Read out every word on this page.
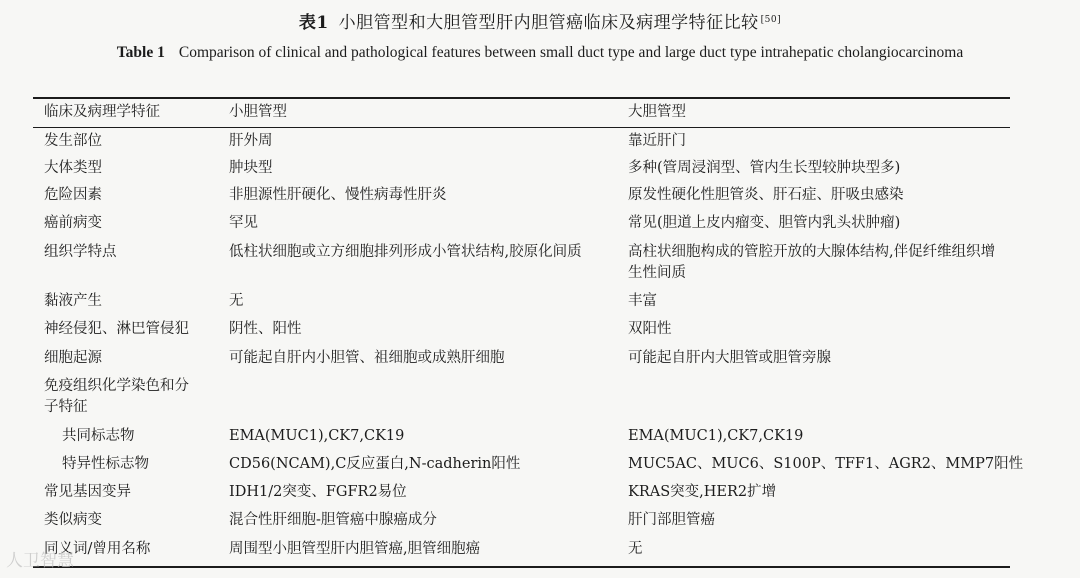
表1 小胆管型和大胆管型肝内胆管癌临床及病理学特征比较 [50]
Table 1 Comparison of clinical and pathological features between small duct type and large duct type intrahepatic cholangiocarcinoma
临床及病理学特征	小胆管型	大胆管型
发生部位	肝外周	靠近肝门
大体类型	肿块型	多种(管周浸润型、管内生长型较肿块型多)
危险因素	非胆源性肝硬化、慢性病毒性肝炎	原发性硬化性胆管炎、肝石症、肝吸虫感染
癌前病变	罕见	常见(胆道上皮内瘤变、胆管内乳头状肿瘤)
组织学特点	低柱状细胞或立方细胞排列形成小管状结构,胶原化间质	高柱状细胞构成的管腔开放的大腺体结构,伴促纤维组织增生性间质
黏液产生	无	丰富
神经侵犯、淋巴管侵犯	阴性、阳性	双阳性
细胞起源	可能起自肝内小胆管、祖细胞或成熟肝细胞	可能起自肝内大胆管或胆管旁腺
免疫组织化学染色和分子特征
共同标志物	EMA(MUC1),CK7,CK19	EMA(MUC1),CK7,CK19
特异性标志物	CD56(NCAM),C反应蛋白,N-cadherin阳性	MUC5AC、MUC6、S100P、TFF1、AGR2、MMP7阳性
常见基因变异	IDH1/2突变、FGFR2易位	KRAS突变,HER2扩增
类似病变	混合性肝细胞-胆管癌中腺癌成分	肝门部胆管癌
同义词/曾用名称	周围型小胆管型肝内胆管癌,胆管细胞癌	无
人卫智慧
